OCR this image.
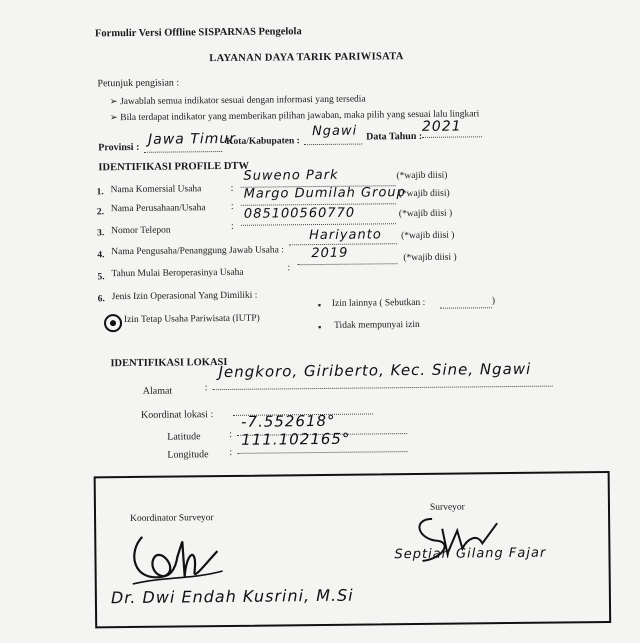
Formulir Versi Offline SISPARNAS Pengelola
LAYANAN DAYA TARIK PARIWISATA
Petunjuk pengisian :
➢ Jawablah semua indikator sesuai dengan informasi yang tersedia
➢ Bila terdapat indikator yang memberikan pilihan jawaban, maka pilih yang sesuai lalu lingkari
Provinsi : Jawa Timur
Kota/Kabupaten :
Ngawi Data Tahun :
2021
IDENTIFIKASI PROFILE DTW
1. Nama Komersial Usaha	:
Suweno Park	(*wajib diisi)
2. Nama Perusahaan/Usaha	:
Margo Dumilah Group
(*wajib diisi)
3. Nomor Telepon	:
085100560770	(*wajib diisi )
4. Nama Pengusaha/Penanggung Jawab Usaha :
Hariyanto (*wajib diisi )
5. Tahun Mulai Beroperasinya Usaha	:
2019	(*wajib diisi )
6. Jenis Izin Operasional Yang Dimiliki :
Izin Tetap Usaha Pariwisata (IUTP)
▪ Izin lainnya ( Sebutkan :	)
▪ Tidak mempunyai izin
IDENTIFIKASI LOKASI
Alamat	:
Jengkoro, Giriberto, Kec. Sine, Ngawi
Koordinat lokasi :
Latitude	:
-7.552618°
Longitude :
111.102165°
Koordinator Surveyor
Surveyor
Septian Gilang Fajar
Dr. Dwi Endah Kusrini, M.Si
